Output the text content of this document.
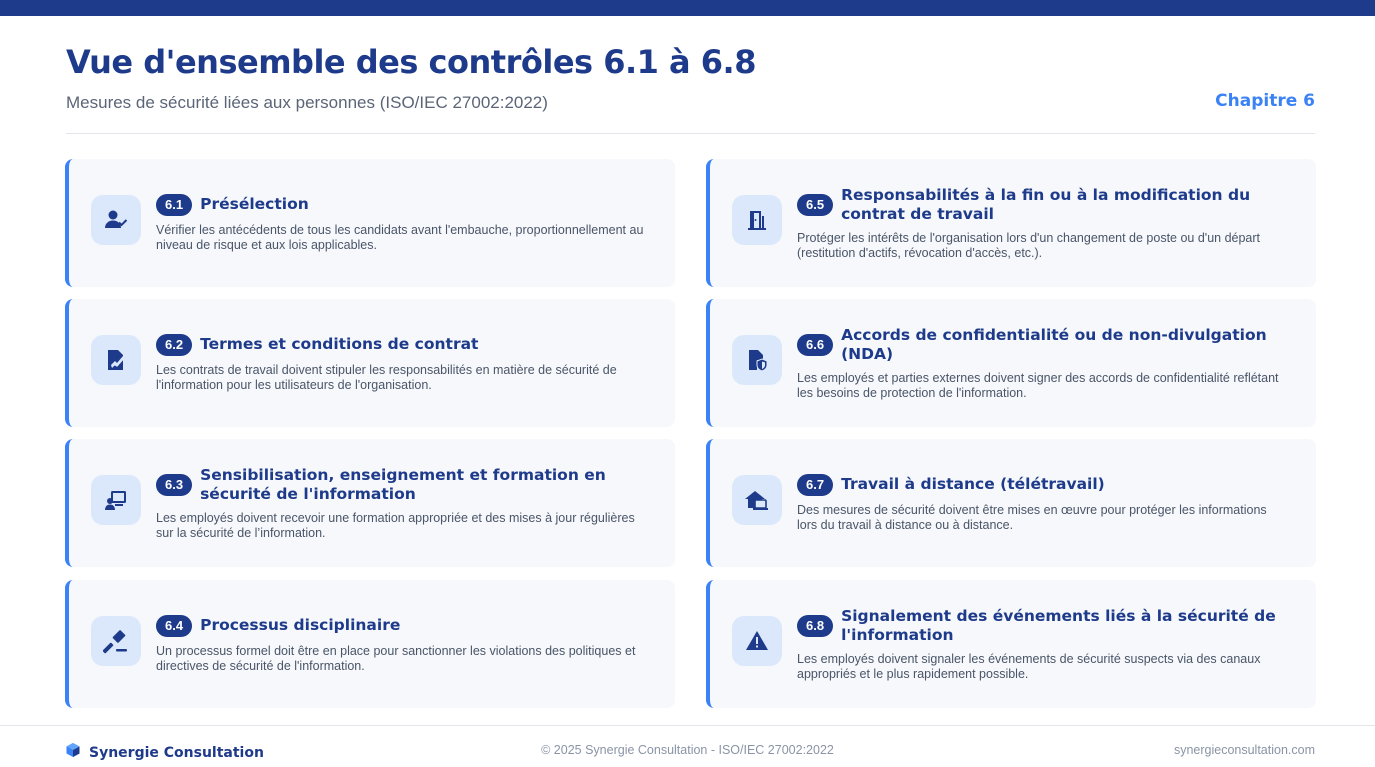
Vue d'ensemble des contrôles 6.1 à 6.8
Mesures de sécurité liées aux personnes (ISO/IEC 27002:2022)	Chapitre 6
6.1	Présélection

Vérifier les antécédents de tous les candidats avant l'embauche, proportionnellement au niveau de risque et aux lois applicables.

6.5
Responsabilités à la fin ou à la modification du contrat de travail

Protéger les intérêts de l'organisation lors d'un changement de poste ou d'un départ (restitution d'actifs, révocation d'accès, etc.).

6.2	Termes et conditions de contrat

Les contrats de travail doivent stipuler les responsabilités en matière de sécurité de l'information pour les utilisateurs de l'organisation.

6.6
Accords de confidentialité ou de non-divulgation (NDA)

Les employés et parties externes doivent signer des accords de confidentialité reflétant les besoins de protection de l'information.

6.3
Sensibilisation, enseignement et formation en sécurité de l'information

Les employés doivent recevoir une formation appropriée et des mises à jour régulières sur la sécurité de l’information.

6.7	Travail à distance (télétravail)

Des mesures de sécurité doivent être mises en œuvre pour protéger les informations lors du travail à distance ou à distance.

6.4	Processus disciplinaire

Un processus formel doit être en place pour sanctionner les violations des politiques et directives de sécurité de l'information.

6.8
Signalement des événements liés à la sécurité de l'information

Les employés doivent signaler les événements de sécurité suspects via des canaux appropriés et le plus rapidement possible.

Synergie Consultation	© 2025 Synergie Consultation - ISO/IEC 27002:2022	synergieconsultation.com
